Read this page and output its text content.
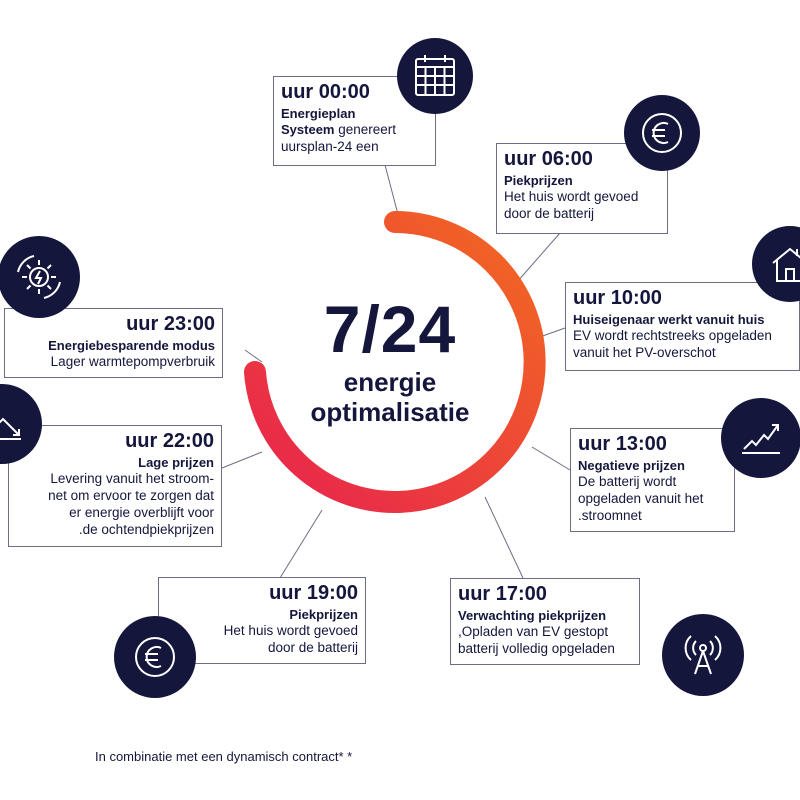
7/24
energie
optimalisatie
uur 00:00
Energieplan
Systeem genereert
uursplan-24 een
uur 06:00
Piekprijzen
Het huis wordt gevoed
door de batterij
uur 10:00
Huiseigenaar werkt vanuit huis
EV wordt rechtstreeks opgeladen
vanuit het PV-overschot
uur 13:00
Negatieve prijzen
De batterij wordt
opgeladen vanuit het
.stroomnet
uur 17:00
Verwachting piekprijzen
,Opladen van EV gestopt
batterij volledig opgeladen
uur 19:00
Piekprijzen
Het huis wordt gevoed
door de batterij
uur 22:00
Lage prijzen
Levering vanuit het stroom-
net om ervoor te zorgen dat
er energie overblijft voor
.de ochtendpiekprijzen
uur 23:00
Energiebesparende modus
Lager warmtepompverbruik
In combinatie met een dynamisch contract* *
